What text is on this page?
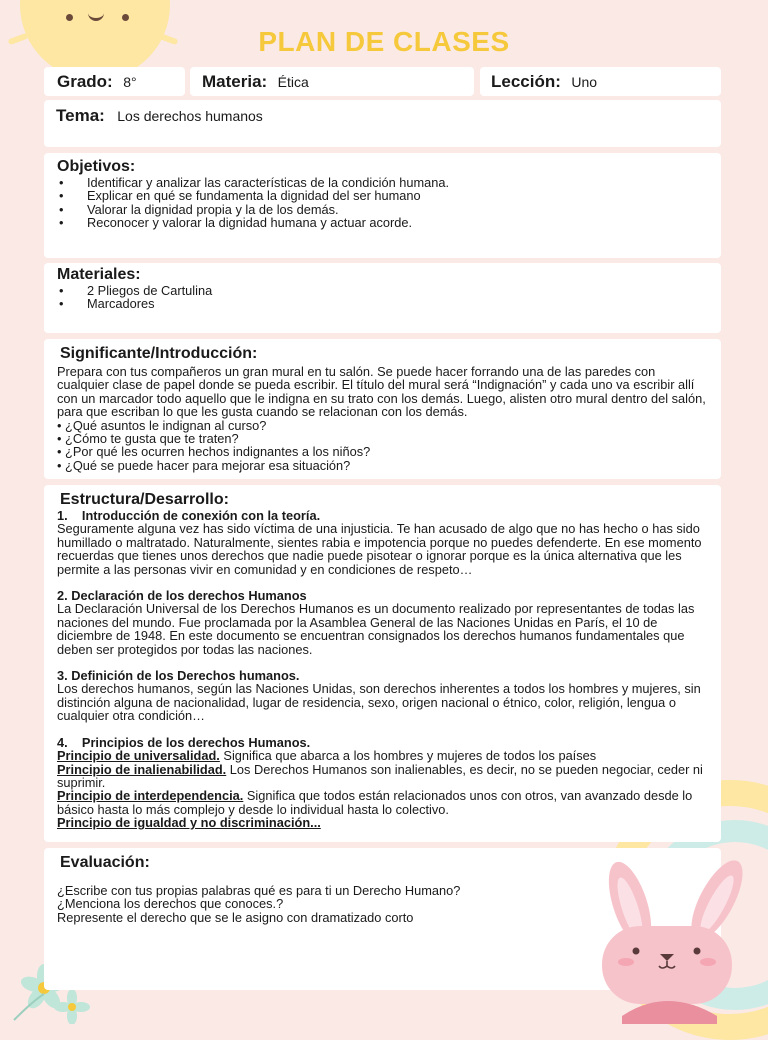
PLAN DE CLASES
Grado: 8°	Materia: Ética	Lección: Uno
Tema: Los derechos humanos
Objetivos:
• Identificar y analizar las características de la condición humana.
• Explicar en qué se fundamenta la dignidad del ser humano
• Valorar la dignidad propia y la de los demás.
• Reconocer y valorar la dignidad humana y actuar acorde.
Materiales:
• 2 Pliegos de Cartulina
• Marcadores
Significante/Introducción:

Prepara con tus compañeros un gran mural en tu salón. Se puede hacer forrando una de las paredes con cualquier clase de papel donde se pueda escribir. El título del mural será “Indignación” y cada uno va escribir allí con un marcador todo aquello que le indigna en su trato con los demás. Luego, alisten otro mural dentro del salón, para que escriban lo que les gusta cuando se relacionan con los demás.

• ¿Qué asuntos le indignan al curso?

• ¿Cómo te gusta que te traten?

• ¿Por qué les ocurren hechos indignantes a los niños?

• ¿Qué se puede hacer para mejorar esa situación?

Estructura/Desarrollo:

1. Introducción de conexión con la teoría.

Seguramente alguna vez has sido víctima de una injusticia. Te han acusado de algo que no has hecho o has sido humillado o maltratado. Naturalmente, sientes rabia e impotencia porque no puedes defenderte. En ese momento recuerdas que tienes unos derechos que nadie puede pisotear o ignorar porque es la única alternativa que les permite a las personas vivir en comunidad y en condiciones de respeto…

2. Declaración de los derechos Humanos

La Declaración Universal de los Derechos Humanos es un documento realizado por representantes de todas las naciones del mundo. Fue proclamada por la Asamblea General de las Naciones Unidas en París, el 10 de diciembre de 1948. En este documento se encuentran consignados los derechos humanos fundamentales que deben ser protegidos por todas las naciones.

3. Definición de los Derechos humanos.

Los derechos humanos, según las Naciones Unidas, son derechos inherentes a todos los hombres y mujeres, sin distinción alguna de nacionalidad, lugar de residencia, sexo, origen nacional o étnico, color, religión, lengua o cualquier otra condición…

4. Principios de los derechos Humanos.

Principio de universalidad. Significa que abarca a los hombres y mujeres de todos los países

Principio de inalienabilidad. Los Derechos Humanos son inalienables, es decir, no se pueden negociar, ceder ni suprimir.

Principio de interdependencia. Significa que todos están relacionados unos con otros, van avanzado desde lo básico hasta lo más complejo y desde lo individual hasta lo colectivo.

Principio de igualdad y no discriminación...

Evaluación:

¿Escribe con tus propias palabras qué es para ti un Derecho Humano?

¿Menciona los derechos que conoces.?

Represente el derecho que se le asigno con dramatizado corto
